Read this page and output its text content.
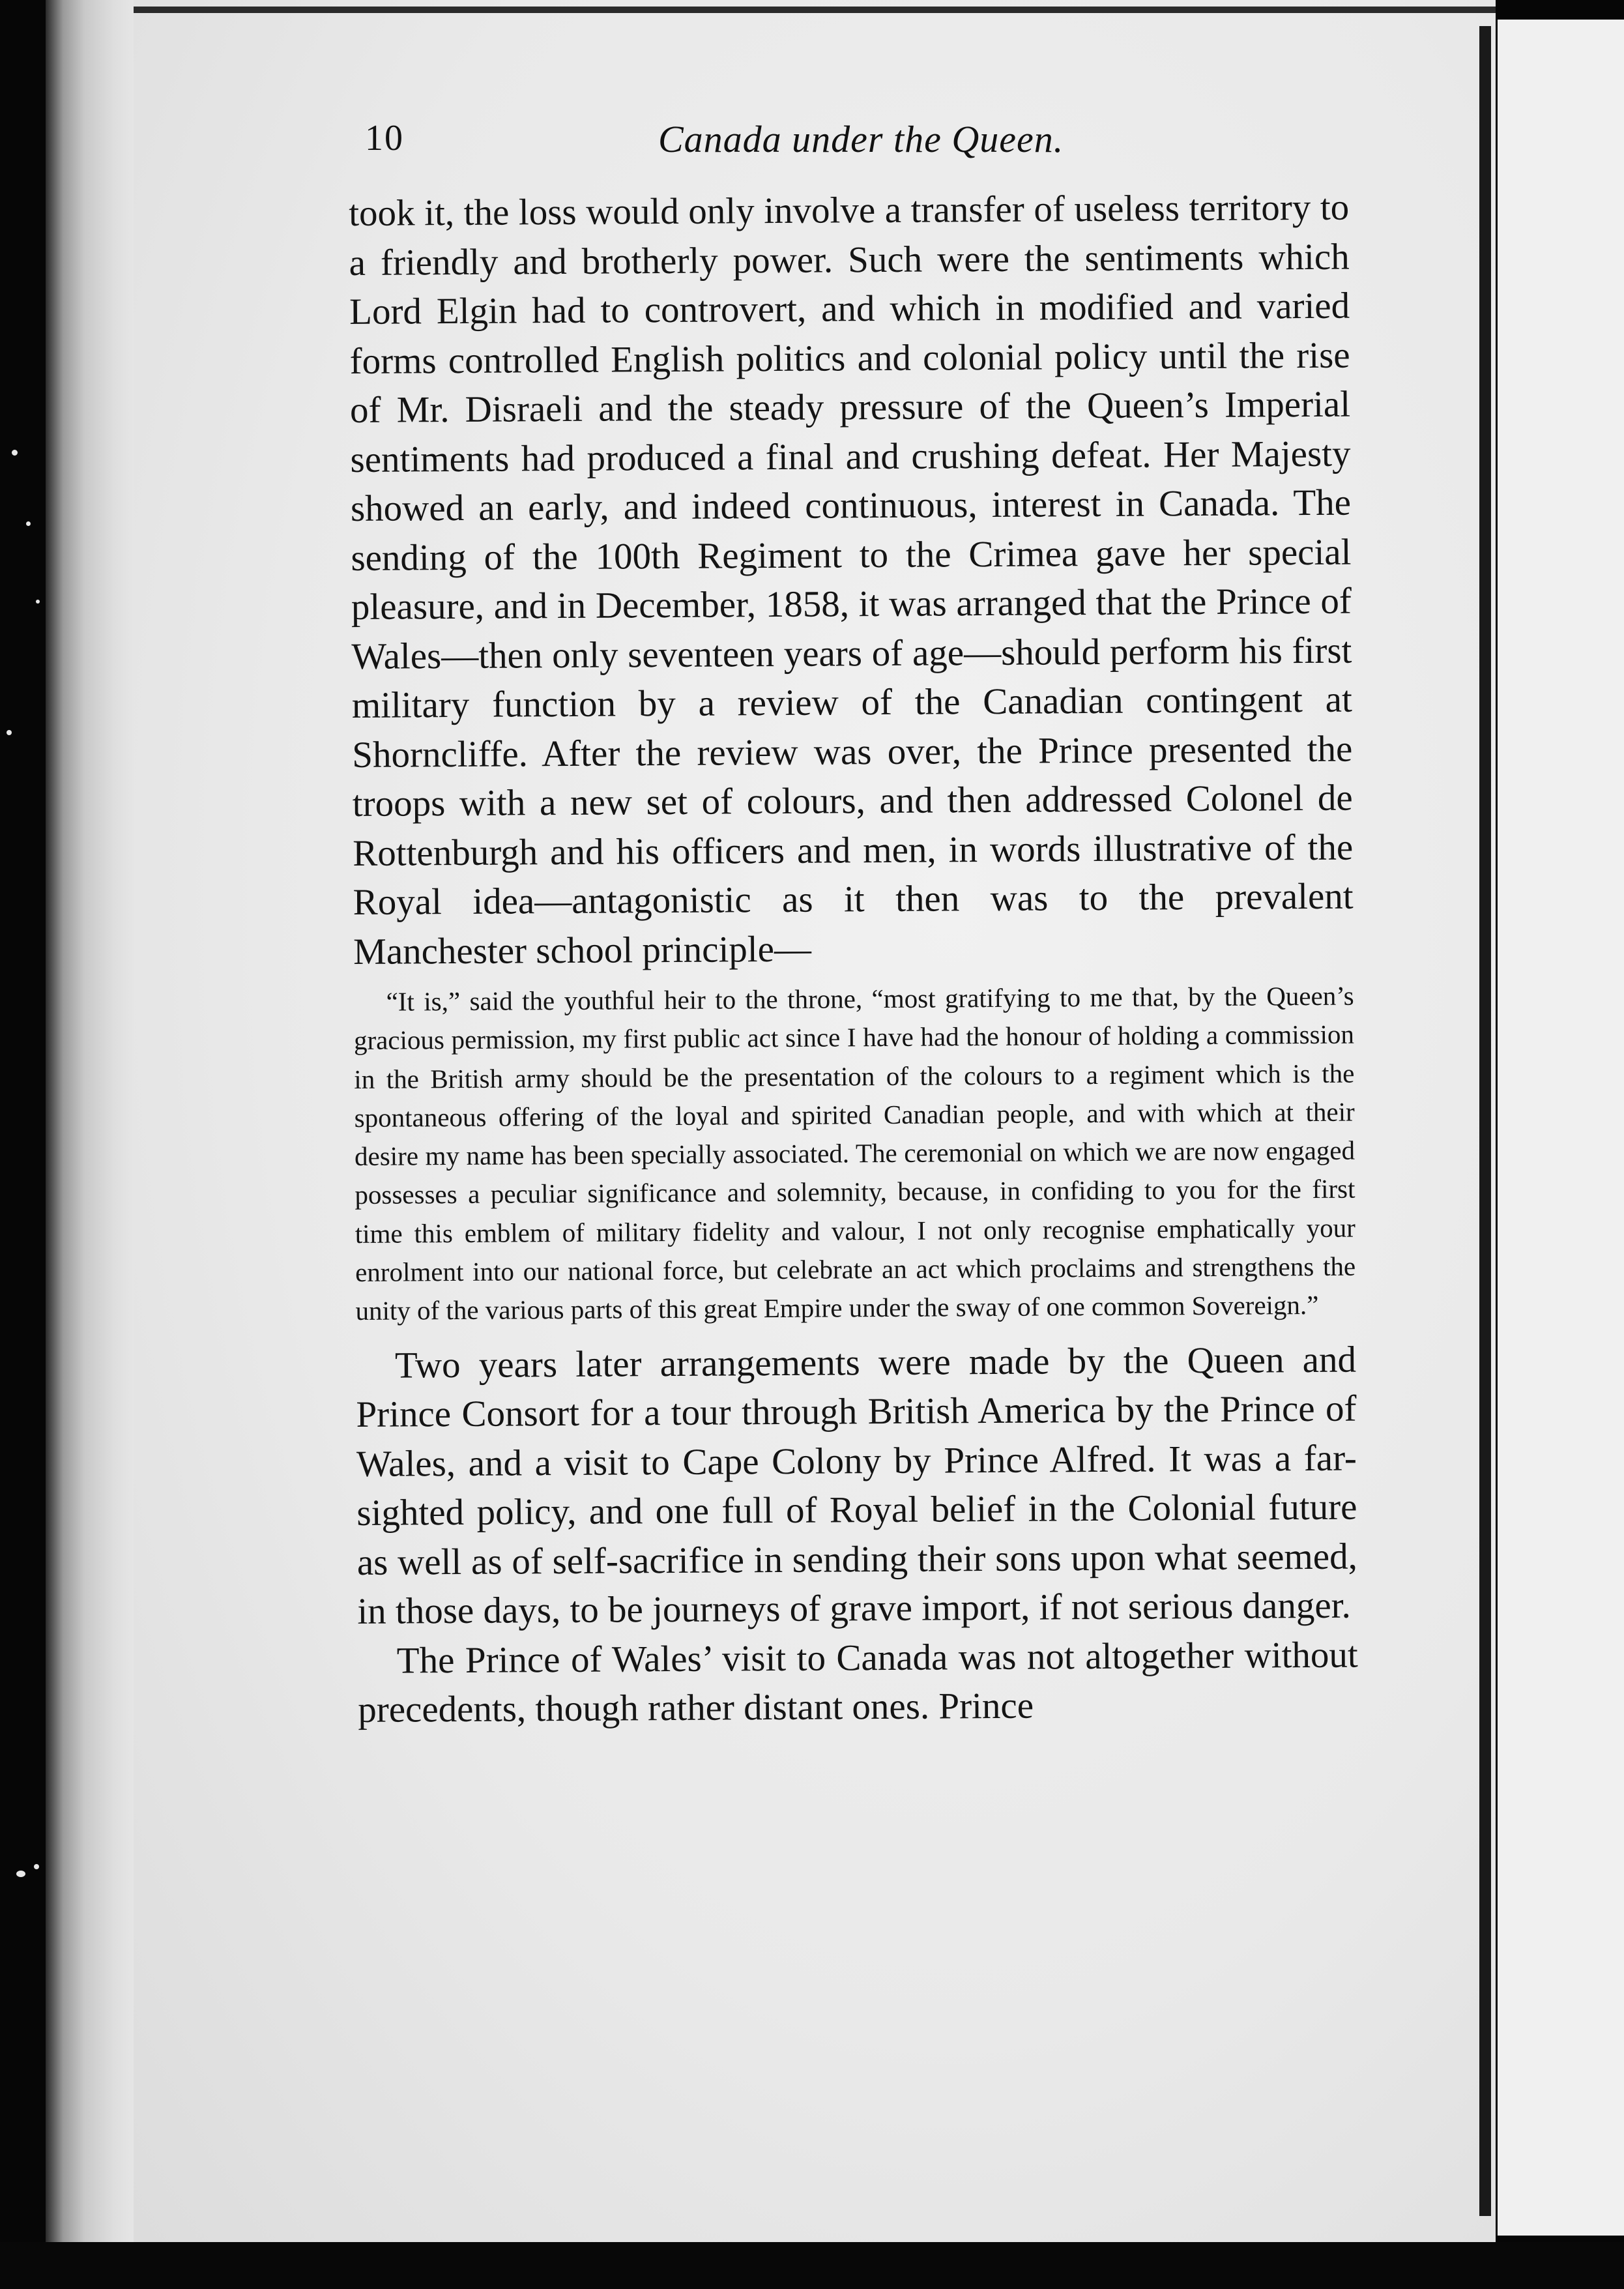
10	Canada under the Queen.

took it, the loss would only involve a transfer of useless territory to a friendly and brotherly power. Such were the sentiments which Lord Elgin had to controvert, and which in modified and varied forms controlled English politics and colonial policy until the rise of Mr. Disraeli and the steady pressure of the Queen’s Imperial sentiments had produced a final and crushing defeat. Her Majesty showed an early, and indeed continuous, interest in Canada. The sending of the 100th Regiment to the Crimea gave her special pleasure, and in December, 1858, it was arranged that the Prince of Wales—then only seventeen years of age—should perform his first military function by a review of the Canadian contingent at Shorncliffe. After the review was over, the Prince presented the troops with a new set of colours, and then addressed Colonel de Rottenburgh and his officers and men, in words illustrative of the Royal idea—antagonistic as it then was to the prevalent Manchester school principle—

“It is,” said the youthful heir to the throne, “most gratifying to me that, by the Queen’s gracious permission, my first public act since I have had the honour of holding a commission in the British army should be the presentation of the colours to a regiment which is the spontaneous offering of the loyal and spirited Canadian people, and with which at their desire my name has been specially associated. The ceremonial on which we are now engaged possesses a peculiar significance and solemnity, because, in confiding to you for the first time this emblem of military fidelity and valour, I not only recognise emphatically your enrolment into our national force, but celebrate an act which proclaims and strengthens the unity of the various parts of this great Empire under the sway of one common Sovereign.”

Two years later arrangements were made by the Queen and Prince Consort for a tour through British America by the Prince of Wales, and a visit to Cape Colony by Prince Alfred. It was a far-sighted policy, and one full of Royal belief in the Colonial future as well as of self-sacrifice in sending their sons upon what seemed, in those days, to be journeys of grave import, if not serious danger.

The Prince of Wales’ visit to Canada was not altogether without precedents, though rather distant ones. Prince
